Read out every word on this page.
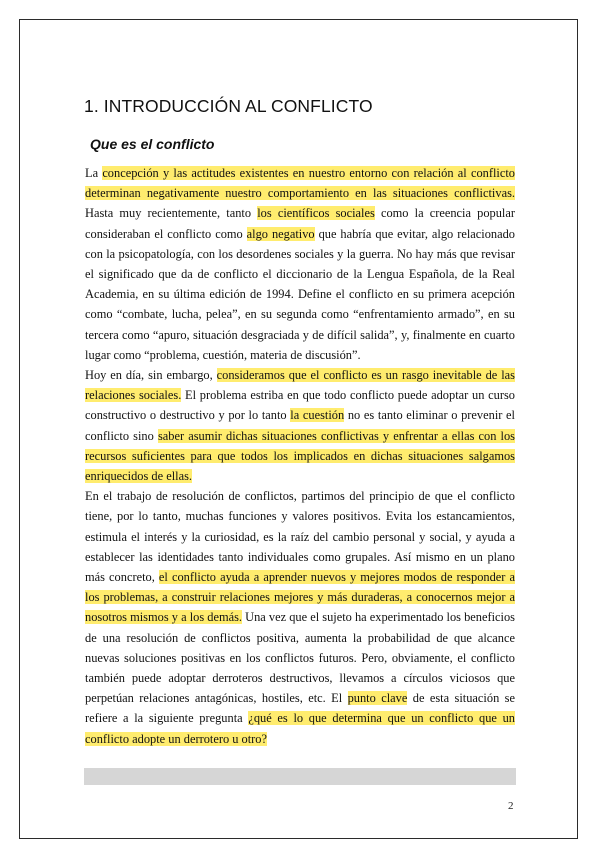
1. INTRODUCCIÓN AL CONFLICTO
Que es el conflicto

La concepción y las actitudes existentes en nuestro entorno con relación al conflicto determinan negativamente nuestro comportamiento en las situaciones conflictivas. Hasta muy recientemente, tanto los científicos sociales como la creencia popular consideraban el conflicto como algo negativo que habría que evitar, algo relacionado con la psicopatología, con los desordenes sociales y la guerra. No hay más que revisar el significado que da de conflicto el diccionario de la Lengua Española, de la Real Academia, en su última edición de 1994. Define el conflicto en su primera acepción como “combate, lucha, pelea”, en su segunda como “enfrentamiento armado”, en su tercera como “apuro, situación desgraciada y de difícil salida”, y, finalmente en cuarto lugar como “problema, cuestión, materia de discusión”.

Hoy en día, sin embargo, consideramos que el conflicto es un rasgo inevitable de las relaciones sociales. El problema estriba en que todo conflicto puede adoptar un curso constructivo o destructivo y por lo tanto la cuestión no es tanto eliminar o prevenir el conflicto sino saber asumir dichas situaciones conflictivas y enfrentar a ellas con los recursos suficientes para que todos los implicados en dichas situaciones salgamos enriquecidos de ellas.

En el trabajo de resolución de conflictos, partimos del principio de que el conflicto tiene, por lo tanto, muchas funciones y valores positivos. Evita los estancamientos, estimula el interés y la curiosidad, es la raíz del cambio personal y social, y ayuda a establecer las identidades tanto individuales como grupales. Así mismo en un plano más concreto, el conflicto ayuda a aprender nuevos y mejores modos de responder a los problemas, a construir relaciones mejores y más duraderas, a conocernos mejor a nosotros mismos y a los demás. Una vez que el sujeto ha experimentado los beneficios de una resolución de conflictos positiva, aumenta la probabilidad de que alcance nuevas soluciones positivas en los conflictos futuros. Pero, obviamente, el conflicto también puede adoptar derroteros destructivos, llevamos a círculos viciosos que perpetúan relaciones antagónicas, hostiles, etc. El punto clave de esta situación se refiere a la siguiente pregunta ¿qué es lo que determina que un conflicto que un conflicto adopte un derrotero u otro?

2
